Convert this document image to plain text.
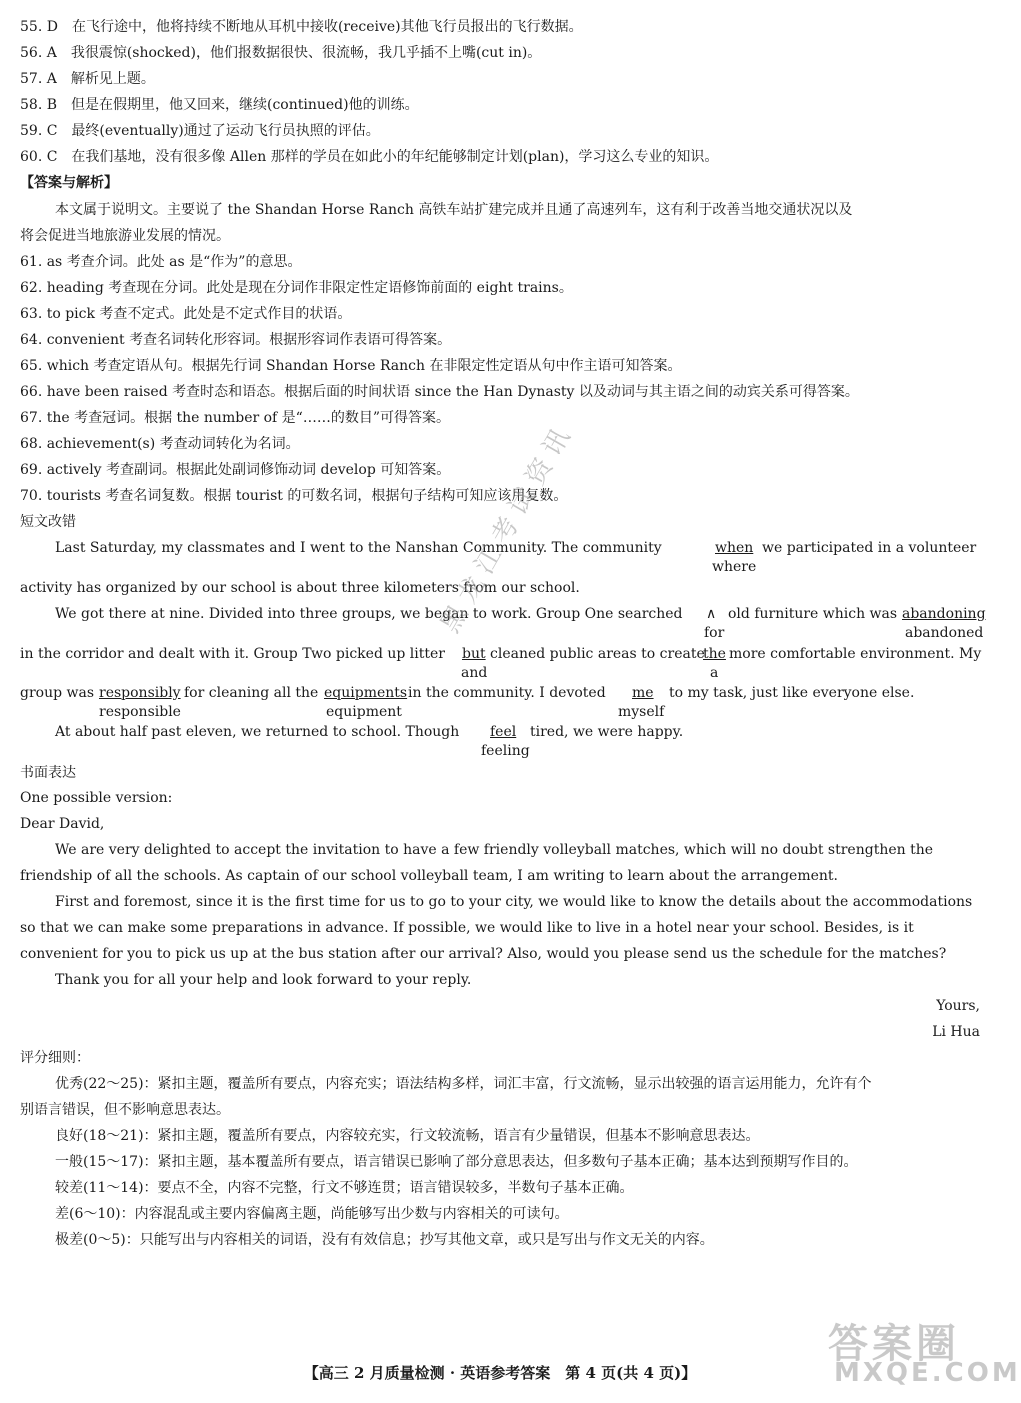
55. D　在飞行途中，他将持续不断地从耳机中接收(receive)其他飞行员报出的飞行数据。
56. A　我很震惊(shocked)，他们报数据很快、很流畅，我几乎插不上嘴(cut in)。
57. A　解析见上题。
58. B　但是在假期里，他又回来，继续(continued)他的训练。
59. C　最终(eventually)通过了运动飞行员执照的评估。
60. C　在我们基地，没有很多像 Allen 那样的学员在如此小的年纪能够制定计划(plan)，学习这么专业的知识。
【答案与解析】
本文属于说明文。主要说了 the Shandan Horse Ranch 高铁车站扩建完成并且通了高速列车，这有利于改善当地交通状况以及
将会促进当地旅游业发展的情况。
61. as 考查介词。此处 as 是“作为”的意思。
62. heading 考查现在分词。此处是现在分词作非限定性定语修饰前面的 eight trains。
63. to pick 考查不定式。此处是不定式作目的状语。
64. convenient 考查名词转化形容词。根据形容词作表语可得答案。
65. which 考查定语从句。根据先行词 Shandan Horse Ranch 在非限定性定语从句中作主语可知答案。
66. have been raised 考查时态和语态。根据后面的时间状语 since the Han Dynasty 以及动词与其主语之间的动宾关系可得答案。
67. the 考查冠词。根据 the number of 是“……的数目”可得答案。
68. achievement(s) 考查动词转化为名词。
69. actively 考查副词。根据此处副词修饰动词 develop 可知答案。
70. tourists 考查名词复数。根据 tourist 的可数名词，根据句子结构可知应该用复数。
短文改错
Last Saturday, my classmates and I went to the Nanshan Community. The community	when we participated in a volunteer
where
activity has organized by our school is about three kilometers from our school.
We got there at nine. Divided into three groups, we began to work. Group One searched ∧ old furniture which was abandoning
for	abandoned
in the corridor and dealt with it. Group Two picked up litter but cleaned public areas to create
the more comfortable environment. My
and	a
group was responsibly for cleaning all the equipments in the community. I devoted me to my task, just like everyone else.
responsible	equipment	myself
At about half past eleven, we returned to school. Though feel tired, we were happy.
feeling
书面表达
One possible version:
Dear David,
We are very delighted to accept the invitation to have a few friendly volleyball matches, which will no doubt strengthen the
friendship of all the schools. As captain of our school volleyball team, I am writing to learn about the arrangement.
First and foremost, since it is the first time for us to go to your city, we would like to know the details about the accommodations
so that we can make some preparations in advance. If possible, we would like to live in a hotel near your school. Besides, is it
convenient for you to pick us up at the bus station after our arrival? Also, would you please send us the schedule for the matches?
Thank you for all your help and look forward to your reply.
Yours,
Li Hua
评分细则：
优秀(22～25)：紧扣主题，覆盖所有要点，内容充实；语法结构多样，词汇丰富，行文流畅，显示出较强的语言运用能力，允许有个
别语言错误，但不影响意思表达。
良好(18～21)：紧扣主题，覆盖所有要点，内容较充实，行文较流畅，语言有少量错误，但基本不影响意思表达。
一般(15～17)：紧扣主题，基本覆盖所有要点，语言错误已影响了部分意思表达，但多数句子基本正确；基本达到预期写作目的。
较差(11～14)：要点不全，内容不完整，行文不够连贯；语言错误较多，半数句子基本正确。
差(6～10)：内容混乱或主要内容偏离主题，尚能够写出少数与内容相关的可读句。
极差(0～5)：只能写出与内容相关的词语，没有有效信息；抄写其他文章，或只是写出与作文无关的内容。
黑龙江考试资讯
【高三 2 月质量检测 · 英语参考答案　第 4 页(共 4 页)】
答案圈
MXQE.COM
